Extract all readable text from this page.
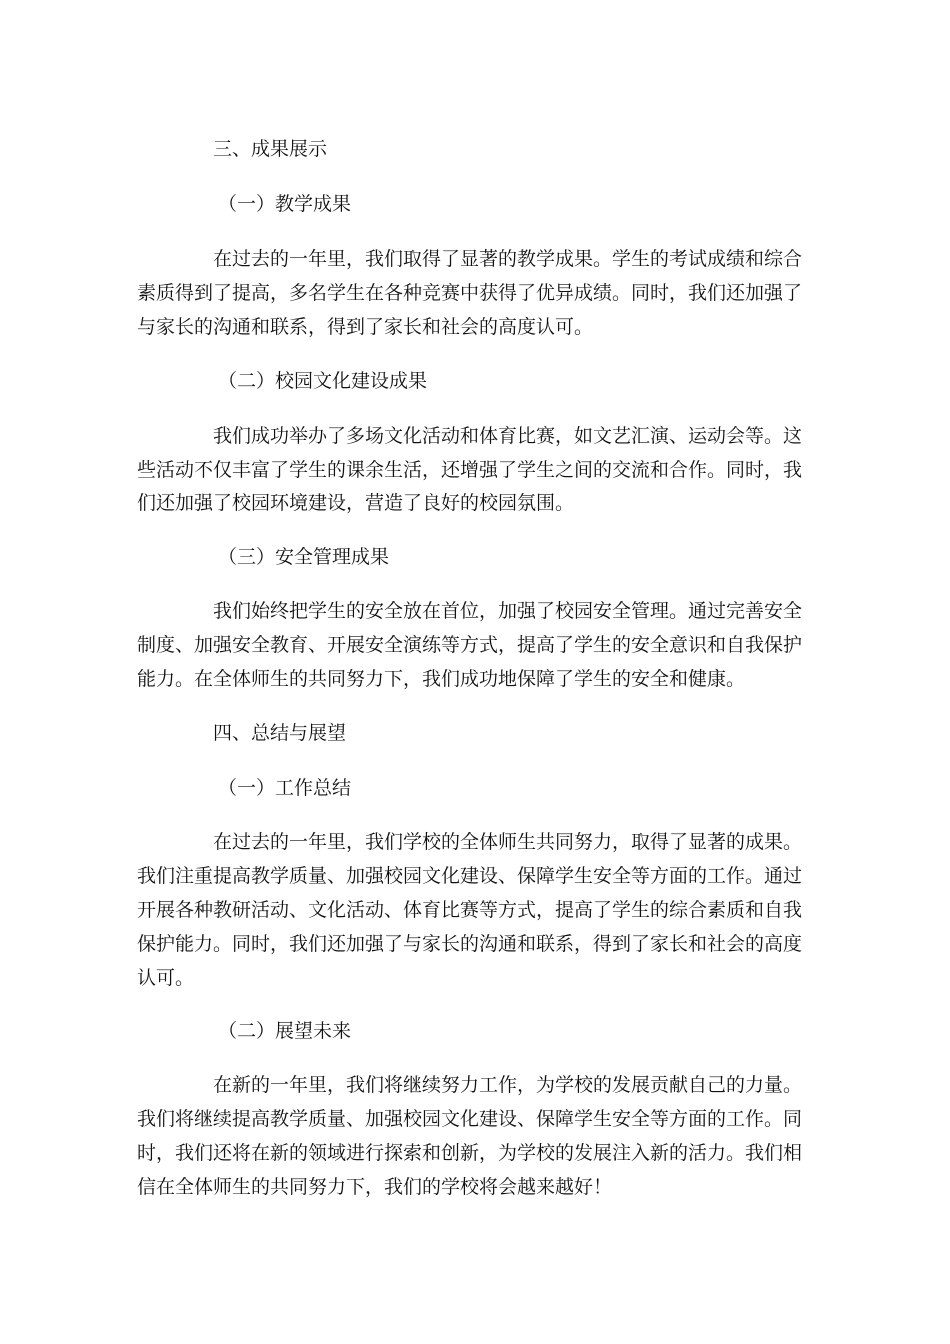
三、成果展示
（一）教学成果
在过去的一年里，我们取得了显著的教学成果。学生的考试成绩和综合
素质得到了提高，多名学生在各种竞赛中获得了优异成绩。同时，我们还加强了
与家长的沟通和联系，得到了家长和社会的高度认可。
（二）校园文化建设成果
我们成功举办了多场文化活动和体育比赛，如文艺汇演、运动会等。这
些活动不仅丰富了学生的课余生活，还增强了学生之间的交流和合作。同时，我
们还加强了校园环境建设，营造了良好的校园氛围。
（三）安全管理成果
我们始终把学生的安全放在首位，加强了校园安全管理。通过完善安全
制度、加强安全教育、开展安全演练等方式，提高了学生的安全意识和自我保护
能力。在全体师生的共同努力下，我们成功地保障了学生的安全和健康。
四、总结与展望
（一）工作总结
在过去的一年里，我们学校的全体师生共同努力，取得了显著的成果。
我们注重提高教学质量、加强校园文化建设、保障学生安全等方面的工作。通过
开展各种教研活动、文化活动、体育比赛等方式，提高了学生的综合素质和自我
保护能力。同时，我们还加强了与家长的沟通和联系，得到了家长和社会的高度
认可。
（二）展望未来
在新的一年里，我们将继续努力工作，为学校的发展贡献自己的力量。
我们将继续提高教学质量、加强校园文化建设、保障学生安全等方面的工作。同
时，我们还将在新的领域进行探索和创新，为学校的发展注入新的活力。我们相
信在全体师生的共同努力下，我们的学校将会越来越好！
